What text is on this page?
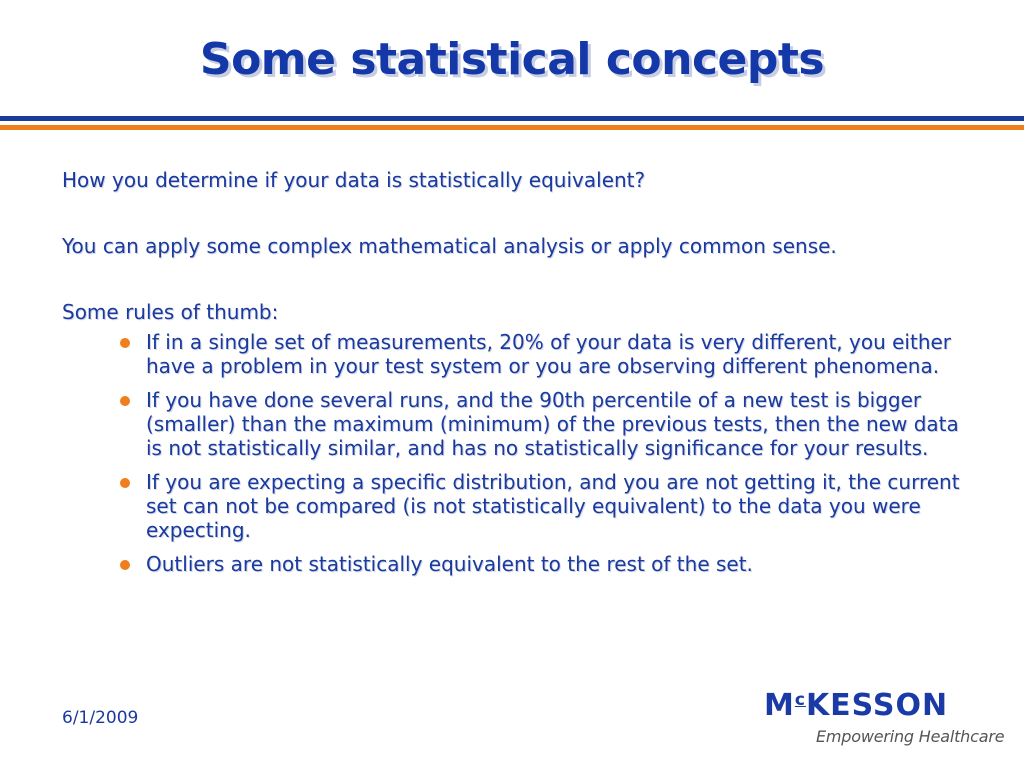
Some statistical concepts

How you determine if your data is statistically equivalent?

You can apply some complex mathematical analysis or apply common sense.

Some rules of thumb:

If in a single set of measurements, 20% of your data is very different, you either have a problem in your test system or you are observing different phenomena.
If you have done several runs, and the 90th percentile of a new test is bigger (smaller) than the maximum (minimum) of the previous tests, then the new data is not statistically similar, and has no statistically significance for your results.
If you are expecting a specific distribution, and you are not getting it, the current set can not be compared (is not statistically equivalent) to the data you were expecting.
Outliers are not statistically equivalent to the rest of the set.
6/1/2009	$M^cKESSON$
Empowering Healthcare
